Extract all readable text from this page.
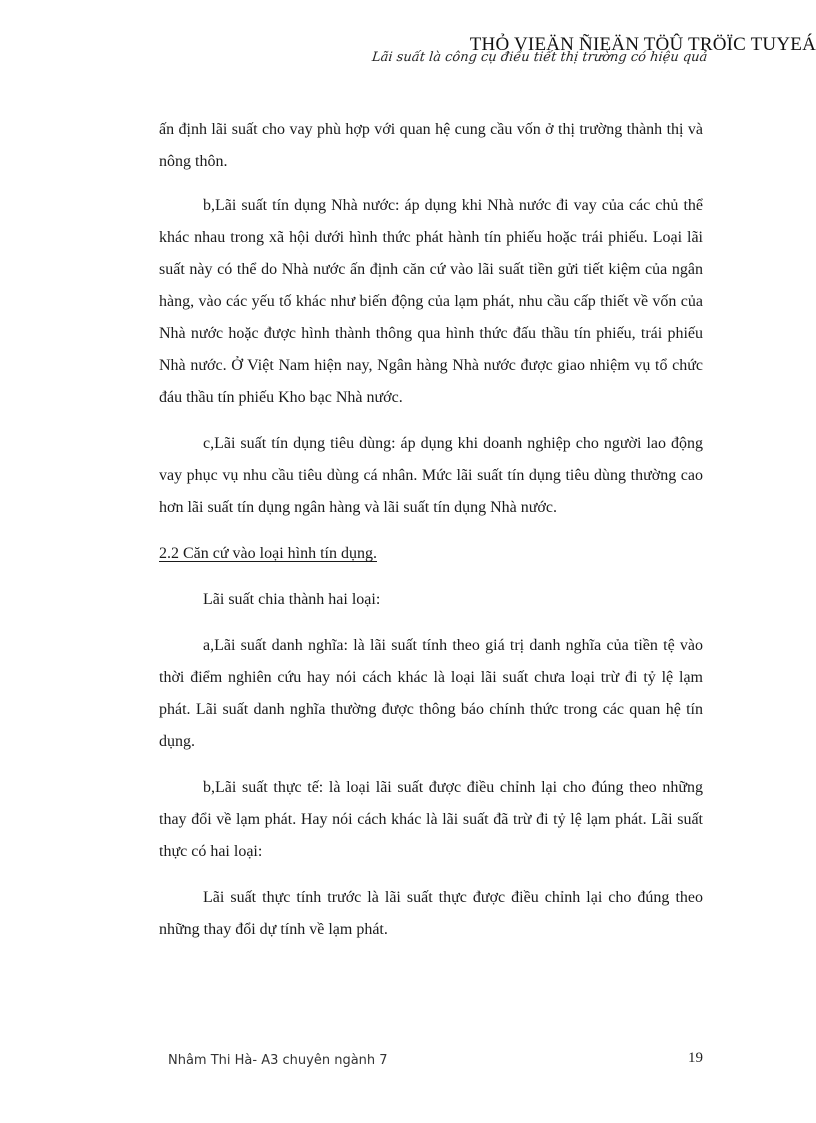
THỎ VIEÄN ÑIEÄN TÖÛ TRÖÏC TUYEÁ
Lãi suất là công cụ điều tiết thị trường có hiệu quả

ấn định lãi suất cho vay phù hợp với quan hệ cung cầu vốn ở thị trường thành thị và nông thôn.

b,Lãi suất tín dụng Nhà nước: áp dụng khi Nhà nước đi vay của các chủ thể khác nhau trong xã hội dưới hình thức phát hành tín phiếu hoặc trái phiếu. Loại lãi suất này có thể do Nhà nước ấn định căn cứ vào lãi suất tiền gửi tiết kiệm của ngân hàng, vào các yếu tố khác như biến động của lạm phát, nhu cầu cấp thiết về vốn của Nhà nước hoặc được hình thành thông qua hình thức đấu thầu tín phiếu, trái phiếu Nhà nước. Ở Việt Nam hiện nay, Ngân hàng Nhà nước được giao nhiệm vụ tổ chức đáu thầu tín phiếu Kho bạc Nhà nước.

c,Lãi suất tín dụng tiêu dùng: áp dụng khi doanh nghiệp cho người lao động vay phục vụ nhu cầu tiêu dùng cá nhân. Mức lãi suất tín dụng tiêu dùng thường cao hơn lãi suất tín dụng ngân hàng và lãi suất tín dụng Nhà nước.

2.2 Căn cứ vào loại hình tín dụng.

Lãi suất chia thành hai loại:

a,Lãi suất danh nghĩa: là lãi suất tính theo giá trị danh nghĩa của tiền tệ vào thời điểm nghiên cứu hay nói cách khác là loại lãi suất chưa loại trừ đi tỷ lệ lạm phát. Lãi suất danh nghĩa thường được thông báo chính thức trong các quan hệ tín dụng.

b,Lãi suất thực tế: là loại lãi suất được điều chỉnh lại cho đúng theo những thay đổi về lạm phát. Hay nói cách khác là lãi suất đã trừ đi tỷ lệ lạm phát. Lãi suất thực có hai loại:

Lãi suất thực tính trước là lãi suất thực được điều chỉnh lại cho đúng theo những thay đổi dự tính về lạm phát.

Nhâm Thi Hà- A3 chuyên ngành 7	19
